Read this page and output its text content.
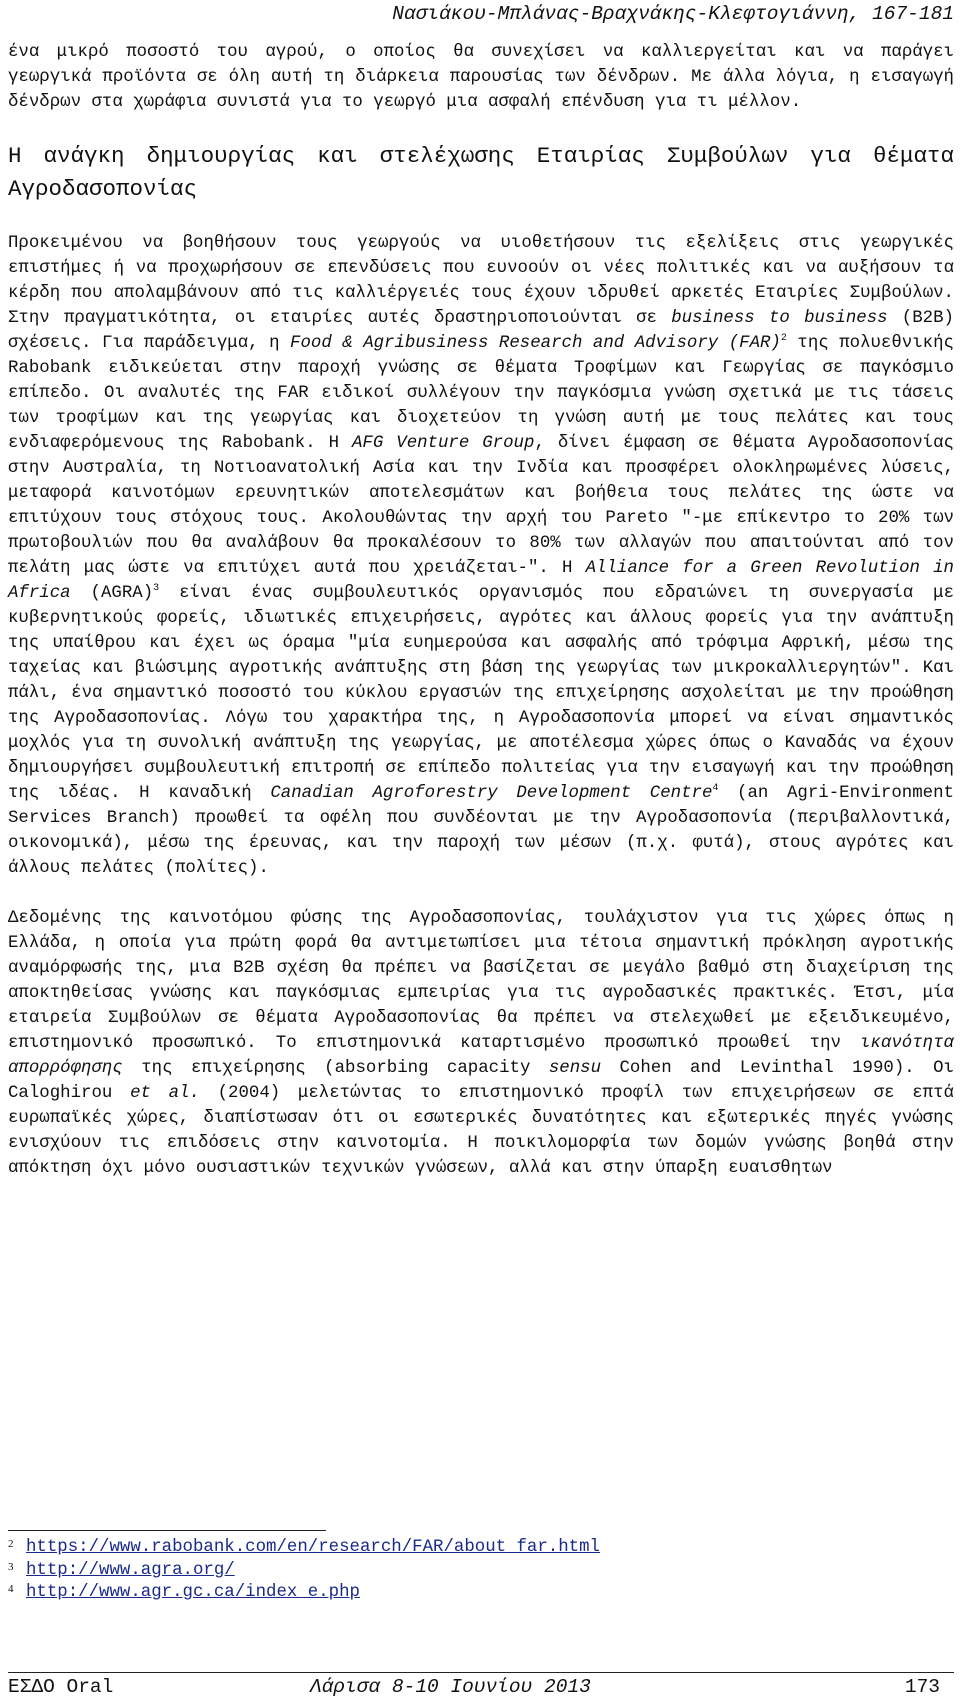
Νασιάκου-Μπλάνας-Βραχνάκης-Κλεφτογιάννη, 167-181

ένα μικρό ποσοστό του αγρού, ο οποίος θα συνεχίσει να καλλιεργείται και να παράγει γεωργικά προϊόντα σε όλη αυτή τη διάρκεια παρουσίας των δένδρων. Με άλλα λόγια, η εισαγωγή δένδρων στα χωράφια συνιστά για το γεωργό μια ασφαλή επένδυση για τι μέλλον.

Η ανάγκη δημιουργίας και στελέχωσης Εταιρίας Συμβούλων για θέματα Αγροδασοπονίας

Προκειμένου να βοηθήσουν τους γεωργούς να υιοθετήσουν τις εξελίξεις στις γεωργικές επιστήμες ή να προχωρήσουν σε επενδύσεις που ευνοούν οι νέες πολιτικές και να αυξήσουν τα κέρδη που απολαμβάνουν από τις καλλιέργειές τους έχουν ιδρυθεί αρκετές Εταιρίες Συμβούλων. Στην πραγματικότητα, οι εταιρίες αυτές δραστηριοποιούνται σε business to business (B2B) σχέσεις. Για παράδειγμα, η Food & Agribusiness Research and Advisory (FAR)$^2$ της πολυεθνικής Rabobank ειδικεύεται στην παροχή γνώσης σε θέματα Τροφίμων και Γεωργίας σε παγκόσμιο επίπεδο. Οι αναλυτές της FAR ειδικοί συλλέγουν την παγκόσμια γνώση σχετικά με τις τάσεις των τροφίμων και της γεωργίας και διοχετεύον τη γνώση αυτή με τους πελάτες και τους ενδιαφερόμενους της Rabobank. Η AFG Venture Group, δίνει έμφαση σε θέματα Αγροδασοπονίας στην Αυστραλία, τη Νοτιοανατολική Ασία και την Ινδία και προσφέρει ολοκληρωμένες λύσεις, μεταφορά καινοτόμων ερευνητικών αποτελεσμάτων και βοήθεια τους πελάτες της ώστε να επιτύχουν τους στόχους τους. Ακολουθώντας την αρχή του Pareto "-με επίκεντρο το 20% των πρωτοβουλιών που θα αναλάβουν θα προκαλέσουν το 80% των αλλαγών που απαιτούνται από τον πελάτη μας ώστε να επιτύχει αυτά που χρειάζεται-". Η Alliance for a Green Revolution in Africa (AGRA)$^3$ είναι ένας συμβουλευτικός οργανισμός που εδραιώνει τη συνεργασία με κυβερνητικούς φορείς, ιδιωτικές επιχειρήσεις, αγρότες και άλλους φορείς για την ανάπτυξη της υπαίθρου και έχει ως όραμα "μία ευημερούσα και ασφαλής από τρόφιμα Αφρική, μέσω της ταχείας και βιώσιμης αγροτικής ανάπτυξης στη βάση της γεωργίας των μικροκαλλιεργητών". Και πάλι, ένα σημαντικό ποσοστό του κύκλου εργασιών της επιχείρησης ασχολείται με την προώθηση της Αγροδασοπονίας. Λόγω του χαρακτήρα της, η Αγροδασοπονία μπορεί να είναι σημαντικός μοχλός για τη συνολική ανάπτυξη της γεωργίας, με αποτέλεσμα χώρες όπως ο Καναδάς να έχουν δημιουργήσει συμβουλευτική επιτροπή σε επίπεδο πολιτείας για την εισαγωγή και την προώθηση της ιδέας. Η καναδική Canadian Agroforestry Development Centre$^4$ (an Agri-Environment Services Branch) προωθεί τα οφέλη που συνδέονται με την Αγροδασοπονία (περιβαλλοντικά, οικονομικά), μέσω της έρευνας, και την παροχή των μέσων (π.χ. φυτά), στους αγρότες και άλλους πελάτες (πολίτες).

Δεδομένης της καινοτόμου φύσης της Αγροδασοπονίας, τουλάχιστον για τις χώρες όπως η Ελλάδα, η οποία για πρώτη φορά θα αντιμετωπίσει μια τέτοια σημαντική πρόκληση αγροτικής αναμόρφωσής της, μια B2B σχέση θα πρέπει να βασίζεται σε μεγάλο βαθμό στη διαχείριση της αποκτηθείσας γνώσης και παγκόσμιας εμπειρίας για τις αγροδασικές πρακτικές. Έτσι, μία εταιρεία Συμβούλων σε θέματα Αγροδασοπονίας θα πρέπει να στελεχωθεί με εξειδικευμένο, επιστημονικό προσωπικό. Το επιστημονικά καταρτισμένο προσωπικό προωθεί την ικανότητα απορρόφησης της επιχείρησης (absorbing capacity sensu Cohen and Levinthal 1990). Οι Caloghirou et al. (2004) μελετώντας το επιστημονικό προφίλ των επιχειρήσεων σε επτά ευρωπαϊκές χώρες, διαπίστωσαν ότι οι εσωτερικές δυνατότητες και εξωτερικές πηγές γνώσης ενισχύουν τις επιδόσεις στην καινοτομία. Η ποικιλομορφία των δομών γνώσης βοηθά στην απόκτηση όχι μόνο ουσιαστικών τεχνικών γνώσεων, αλλά και στην ύπαρξη ευαισθητων

2 https://www.rabobank.com/en/research/FAR/about_far.html
3 http://www.agra.org/
4 http://www.agr.gc.ca/index_e.php
ΕΣΔΟ Oral	Λάρισα 8-10 Ιουνίου 2013	173
